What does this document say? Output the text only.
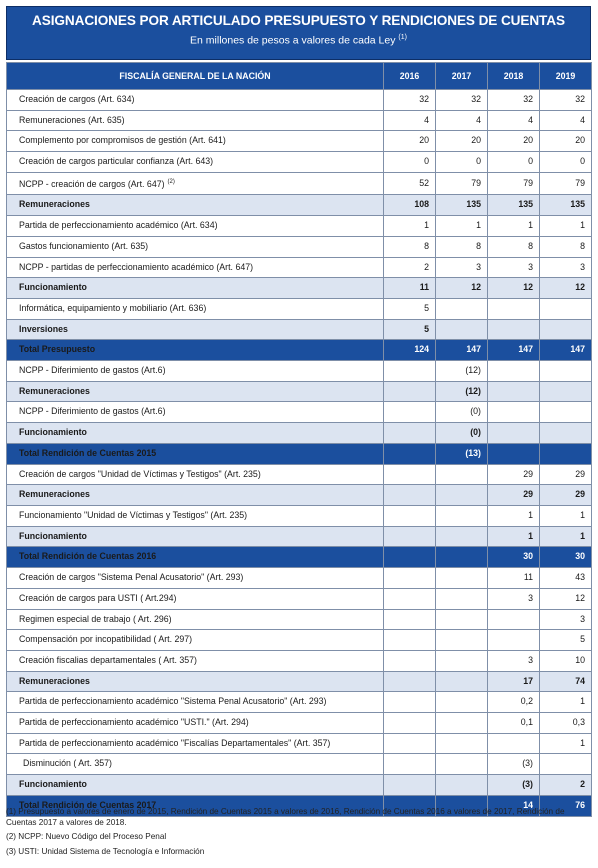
ASIGNACIONES POR ARTICULADO PRESUPUESTO Y RENDICIONES DE CUENTAS
En millones de pesos a valores de cada Ley $^{(1)}$
FISCALÍA GENERAL DE LA NACIÓN	2016	2017	2018	2019
Creación de cargos (Art. 634)	32	32	32	32
Remuneraciones (Art. 635)	4	4	4	4
Complemento por compromisos de gestión (Art. 641)	20	20	20	20
Creación de cargos particular confianza (Art. 643)	0	0	0	0
NCPP - creación de cargos (Art. 647) $^{(2)}$	52	79	79	79
Remuneraciones	108	135	135	135
Partida de perfeccionamiento académico (Art. 634)	1	1	1	1
Gastos funcionamiento (Art. 635)	8	8	8	8
NCPP - partidas de perfeccionamiento académico (Art. 647)	2	3	3	3
Funcionamiento	11	12	12	12
Informática, equipamiento y mobiliario (Art. 636)	5			
Inversiones	5			
Total Presupuesto	124	147	147	147
NCPP - Diferimiento de gastos (Art.6)		(12)		
Remuneraciones		(12)		
NCPP - Diferimiento de gastos (Art.6)		(0)		
Funcionamiento		(0)		
Total Rendición de Cuentas 2015		(13)		
Creación de cargos "Unidad de Víctimas y Testigos" (Art. 235)			29	29
Remuneraciones			29	29
Funcionamiento "Unidad de Víctimas y Testigos" (Art. 235)			1	1
Funcionamiento			1	1
Total Rendición de Cuentas 2016			30	30
Creación de cargos "Sistema Penal Acusatorio" (Art. 293)			11	43
Creación de cargos para USTI ( Art.294)			3	12
Regimen especial de trabajo ( Art. 296)				3
Compensación por incopatibilidad ( Art. 297)				5
Creación fiscalias departamentales ( Art. 357)			3	10
Remuneraciones			17	74
Partida de perfeccionamiento académico "Sistema Penal Acusatorio" (Art. 293)			0,2	1
Partida de perfeccionamiento académico "USTI." (Art. 294)			0,1	0,3
Partida de perfeccionamiento académico "Fiscalías Departamentales" (Art. 357)				1
Disminución ( Art. 357)			(3)	
Funcionamiento			(3)	2
Total Rendición de Cuentas 2017			14	76

(1) Presupuesto a valores de enero de 2015, Rendición de Cuentas 2015 a valores de 2016, Rendición de Cuentas 2016 a valores de 2017, Rendición de Cuentas 2017 a valores de 2018.

(2) NCPP: Nuevo Código del Proceso Penal

(3) USTI: Unidad Sistema de Tecnología e Información
